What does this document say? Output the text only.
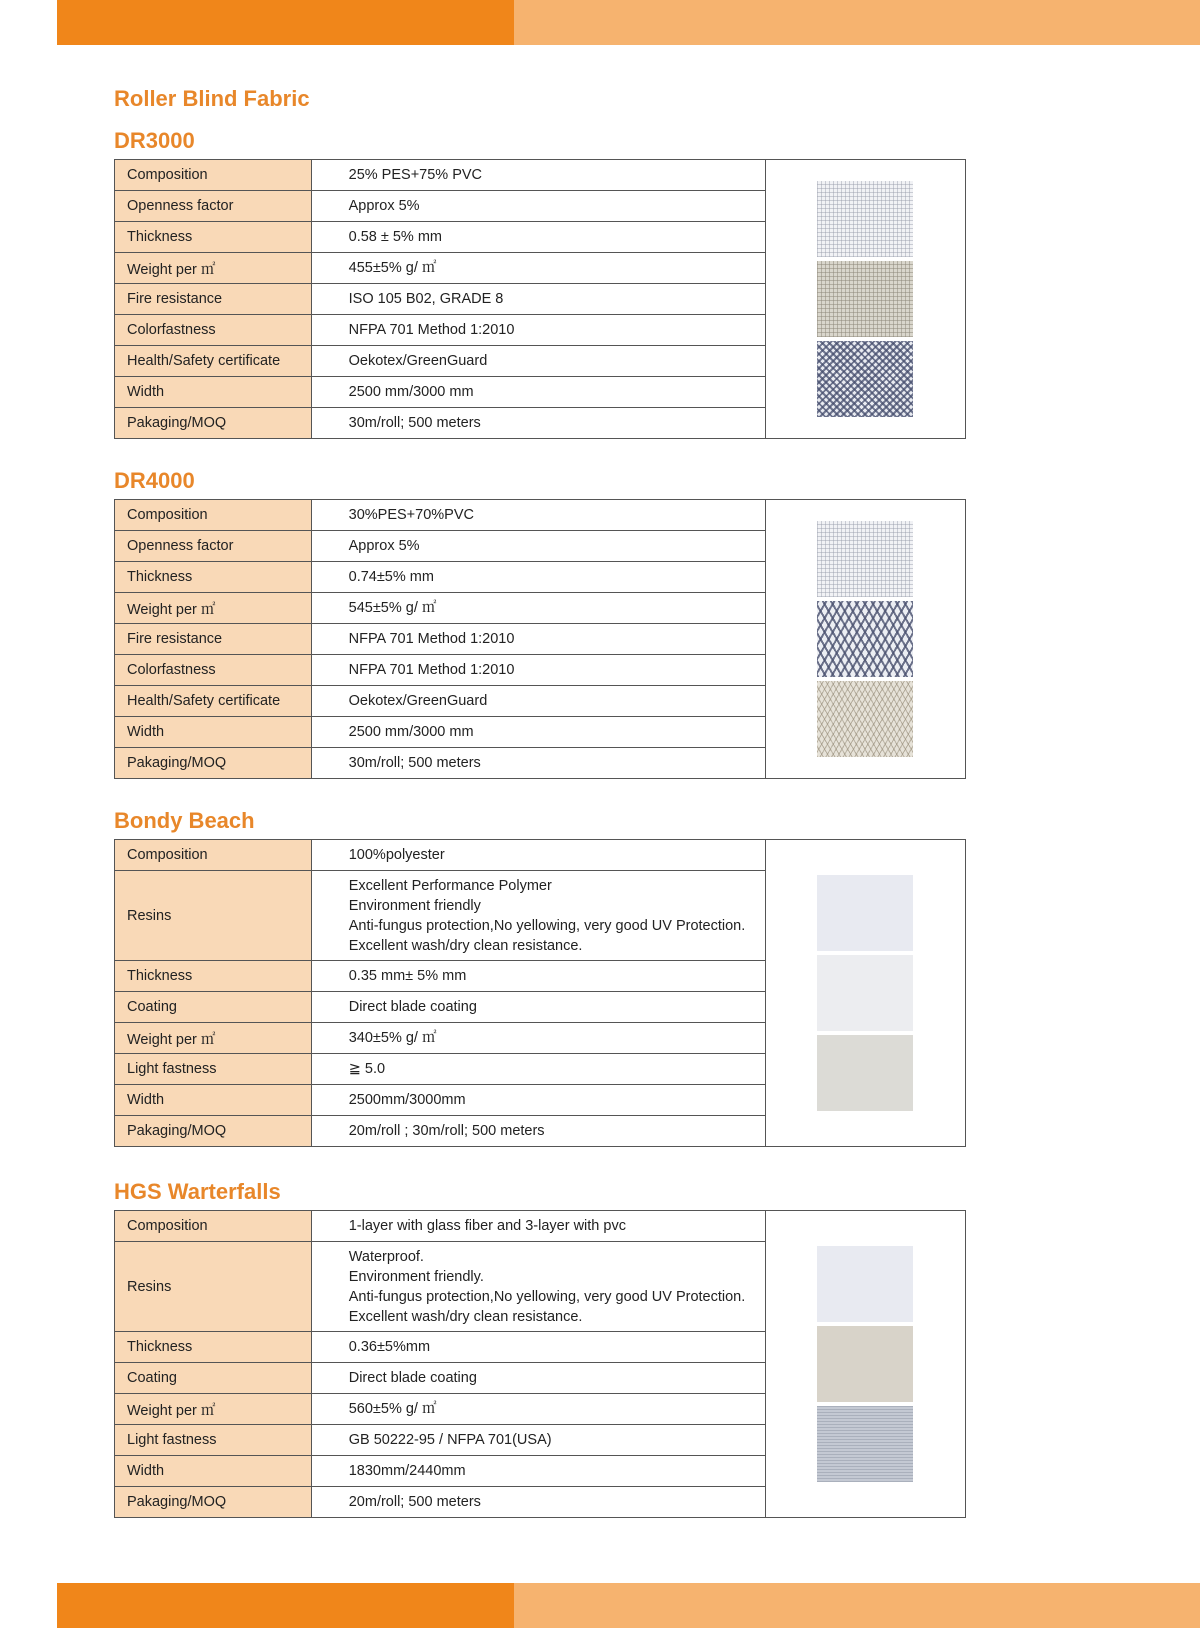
Roller Blind Fabric
DR3000
Composition	25% PES+75% PVC	

Openness factor	Approx 5%	

Thickness	0.58 ± 5% mm	

Weight per ㎡	455±5% g/ ㎡	

Fire resistance	ISO 105 B02, GRADE 8	

Colorfastness	NFPA 701 Method 1:2010	

Health/Safety certificate	Oekotex/GreenGuard	

Width	2500 mm/3000 mm	

Pakaging/MOQ	30m/roll; 500 meters	
DR4000
Composition	30%PES+70%PVC	

Openness factor	Approx 5%	

Thickness	0.74±5% mm	

Weight per ㎡	545±5% g/ ㎡	

Fire resistance	NFPA 701 Method 1:2010	

Colorfastness	NFPA 701 Method 1:2010	

Health/Safety certificate	Oekotex/GreenGuard	

Width	2500 mm/3000 mm	

Pakaging/MOQ	30m/roll; 500 meters	
Bondy Beach
Composition	100%polyester	

Resins	Excellent Performance Polymer
Environment friendly
Anti-fungus protection,No yellowing, very good UV Protection.
Excellent wash/dry clean resistance.	

Thickness	0.35 mm± 5% mm	

Coating	Direct blade coating	

Weight per ㎡	340±5% g/ ㎡	

Light fastness	≧ 5.0	

Width	2500mm/3000mm	

Pakaging/MOQ	20m/roll ; 30m/roll; 500 meters	
HGS Warterfalls
Composition	1-layer with glass fiber and 3-layer with pvc	

Resins	Waterproof.
Environment friendly.
Anti-fungus protection,No yellowing, very good UV Protection.
Excellent wash/dry clean resistance.	

Thickness	0.36±5%mm	

Coating	Direct blade coating	

Weight per ㎡	560±5% g/ ㎡	

Light fastness	GB 50222-95 / NFPA 701(USA)	

Width	1830mm/2440mm	

Pakaging/MOQ	20m/roll; 500 meters	
